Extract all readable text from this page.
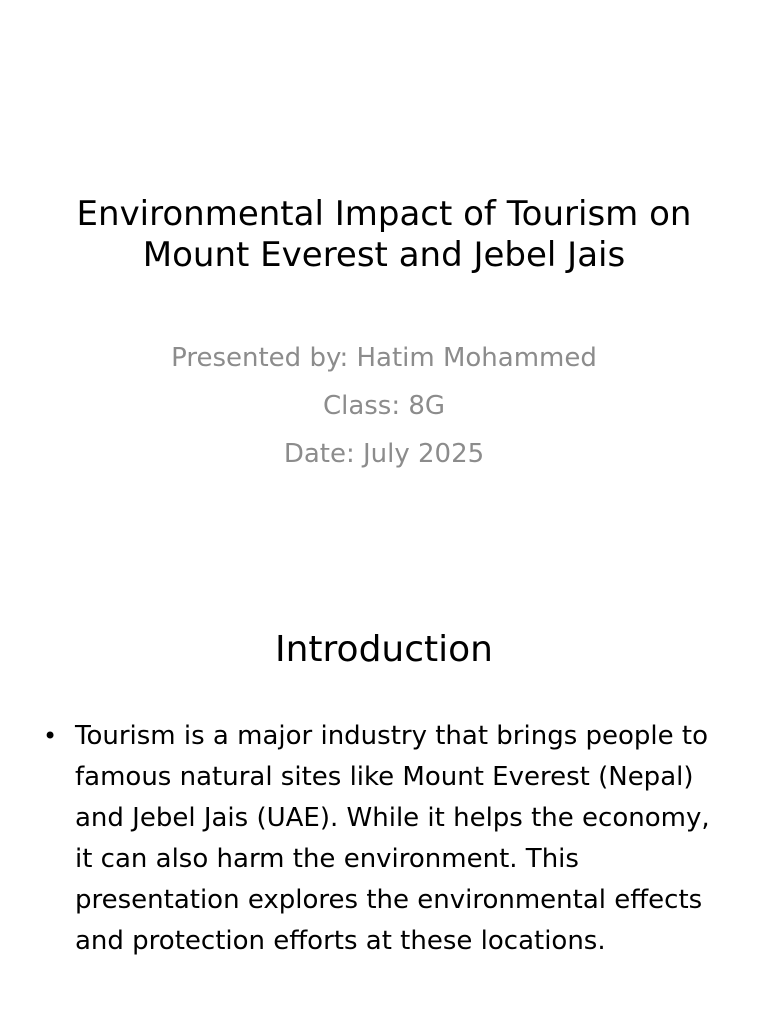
Environmental Impact of Tourism on Mount Everest and Jebel Jais
Presented by: Hatim Mohammed
Class: 8G
Date: July 2025
Introduction
• Tourism is a major industry that brings people to famous natural sites like Mount Everest (Nepal) and Jebel Jais (UAE). While it helps the economy, it can also harm the environment. This presentation explores the environmental effects and protection efforts at these locations.
